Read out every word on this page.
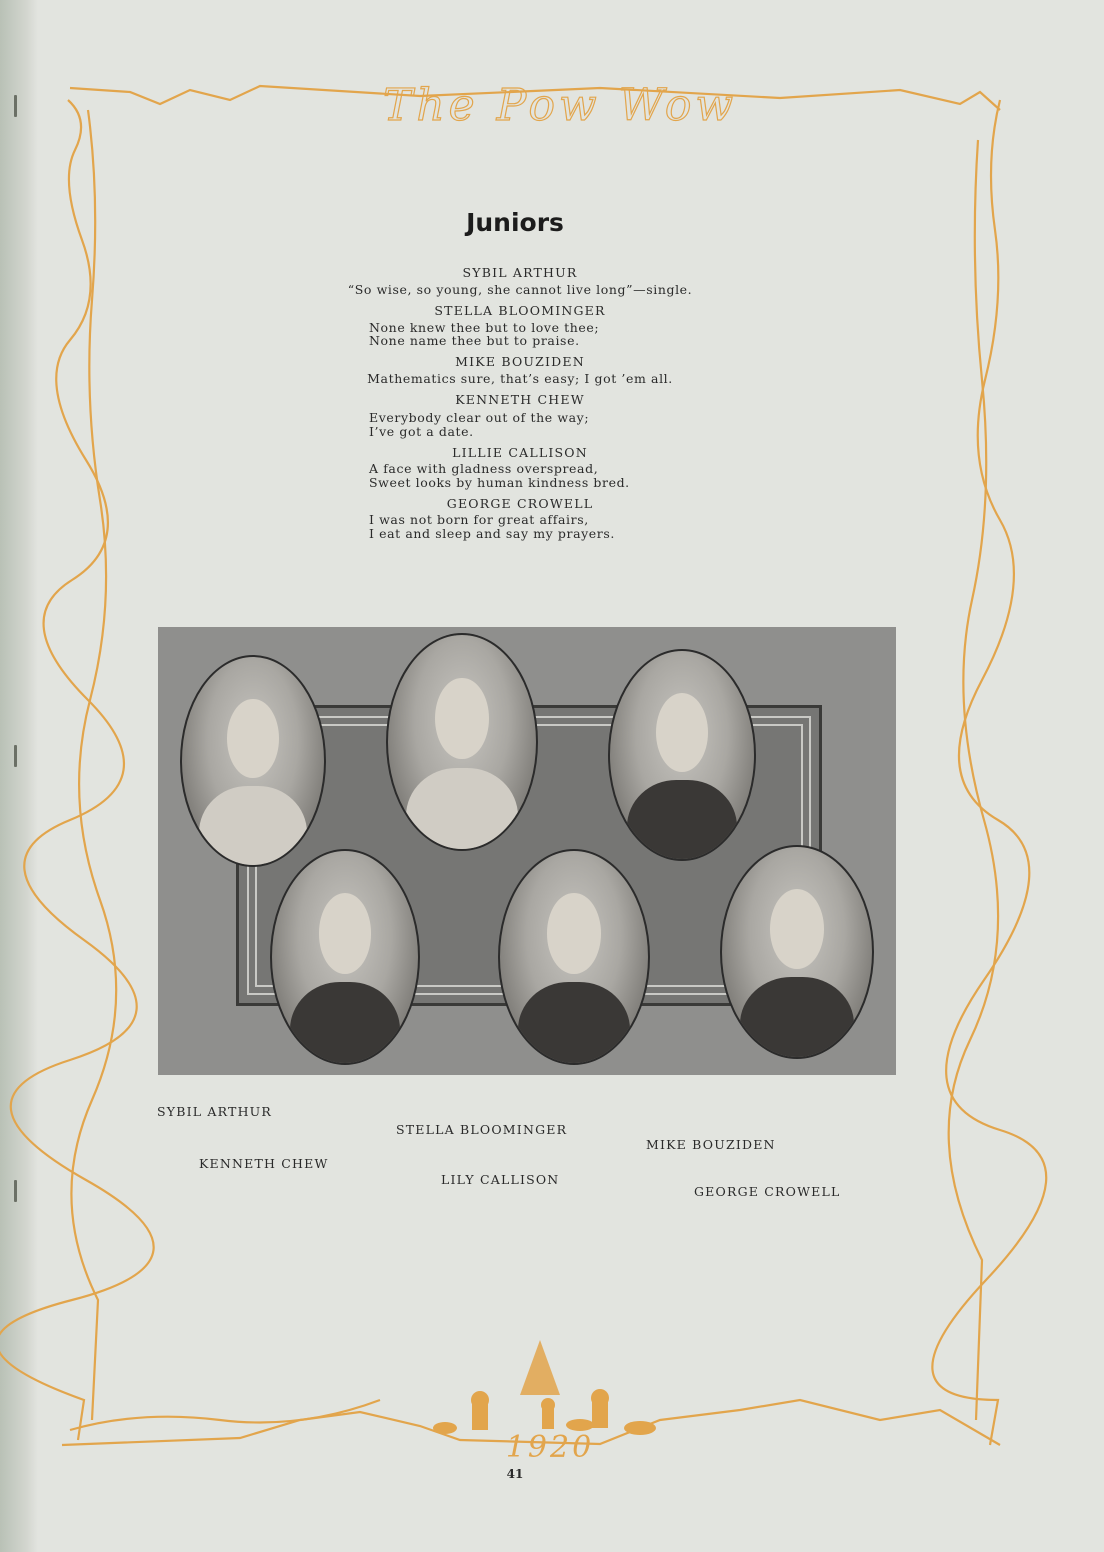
The Pow Wow
Juniors
SYBIL ARTHUR
“So wise, so young, she cannot live long”—single.
STELLA BLOOMINGER
None knew thee but to love thee;
None name thee but to praise.
MIKE BOUZIDEN
Mathematics sure, that’s easy; I got ’em all.
KENNETH CHEW
Everybody clear out of the way;
I’ve got a date.
LILLIE CALLISON
A face with gladness overspread,
Sweet looks by human kindness bred.
GEORGE CROWELL
I was not born for great affairs,
I eat and sleep and say my prayers.
SYBIL ARTHUR
STELLA BLOOMINGER
MIKE BOUZIDEN
KENNETH CHEW
LILY CALLISON
GEORGE CROWELL
1920
41
